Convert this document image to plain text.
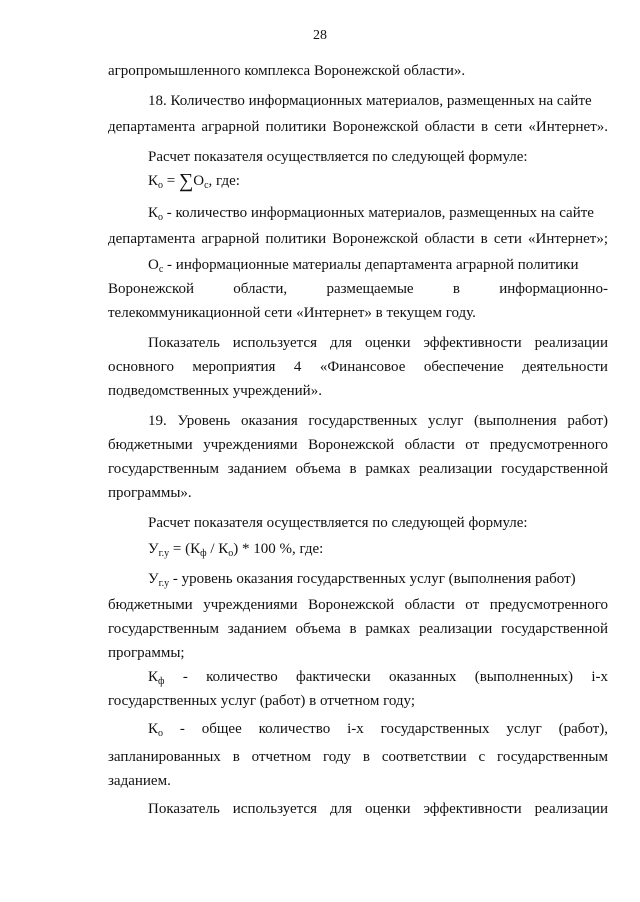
28
агропромышленного комплекса Воронежской области».
18. Количество информационных материалов, размещенных на сайте
департамента аграрной политики Воронежской области в сети «Интернет».
Расчет показателя осуществляется по следующей формуле:
$К_о = \sum О_с$, где:
$К_о$ - количество информационных материалов, размещенных на сайте
департамента аграрной политики Воронежской области в сети «Интернет»;
$О_с$ - информационные материалы департамента аграрной политики
Воронежской	области,	размещаемые	в	информационно-
телекоммуникационной сети «Интернет» в текущем году.
Показатель используется для оценки эффективности реализации
основного мероприятия 4 «Финансовое обеспечение деятельности
подведомственных учреждений».
19. Уровень оказания государственных услуг (выполнения работ)
бюджетными учреждениями Воронежской области от предусмотренного
государственным заданием объема в рамках реализации государственной
программы».
Расчет показателя осуществляется по следующей формуле:
$У_{г.у} = (К_ф / К_о) * 100$ %, где:
$У_{г.у}$ - уровень оказания государственных услуг (выполнения работ)
бюджетными учреждениями Воронежской области от предусмотренного
государственным заданием объема в рамках реализации государственной
программы;
$К_ф$ - количество фактически оказанных (выполненных) i-х
государственных услуг (работ) в отчетном году;
$К_о$ - общее количество i-х государственных услуг (работ),
запланированных в отчетном году в соответствии с государственным
заданием.
Показатель используется для оценки эффективности реализации
